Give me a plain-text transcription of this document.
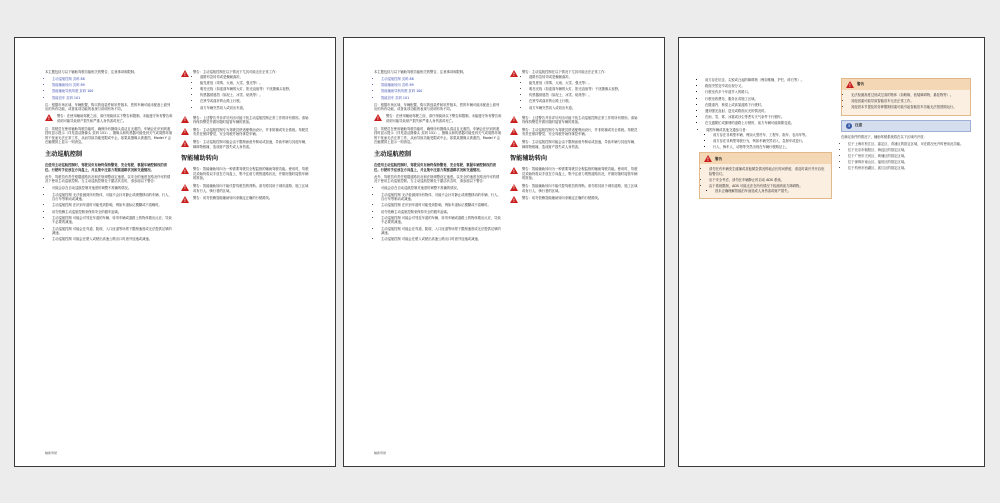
本主题包括与以下辅助驾驶功能相关的警告、注意事项和限制。

• 主动巡航控制 页码 88
• 智能辅助转向 页码 89
• 智能辅助导航驾驶 页码 100
• 智能泊车 页码 101

注：根据市场区域、车辆配置、购买的选装件和软件版本，您的车辆可能未配备上面列出的所有功能，或者某项功能的表现与说明有所不同。

!
警告：在使用辅助驾驶之前，请仔细阅读以下警告和限制。未能遵守所有警告和说明可能导致财产损失和严重人身伤害或死亡。

注：驾驶员在使用辅助驾驶功能时，确保所有摄像头清洁且无遮挡，车辆会在识别到遮挡时显示提示（详见清洁摄像头 页码 151）。摄像头和传感器可能受到天气或周围环境的干扰而无法正常工作，从而导致功能受限或中止。如果某摄像头被遮挡，Model Y 会在触摸屏上显示一则消息。

主动巡航控制

在使用主动巡航控制时，驾驶员负有始终保持警觉、安全驾驶、掌握车辆控制权的责任。行驶时手应放在方向盘上，并且集中注意力观察道路状况和交通情况。

此外，驾驶员有责任根据道路状况和法规调整设定速度。以安全的速度在路况许可的情况下使用主动巡航控制。当主动巡航控制处于激活状态时，请参阅以下警告：

• 可能会存在自动巡航控制对速度的调整不准确的情况。
• 主动巡航控制 无法检测到所有物体，可能不会针对静止或缓慢移动的车辆、行人、自行车等制动或减速。
• 主动巡航控制 在识别车道时可能受到影响，例如车道标记模糊或不清晰时。
• 切勿依赖主动巡航控制来保持安全的跟车距离。
• 主动巡航控制 可能会对邻近车道的车辆、转弯车辆或道路上的物体做出反应，导致不必要的减速。
• 主动巡航控制 可能会在弯道、陡坡、入口匝道等场景下限制速度或无法提供足够的减速。
• 主动巡航控制 可能会在驶入或驶出高速公路出口时意外加速或减速。
!
警告：主动巡航控制在以下情况下尤其可能无法正常工作：
• 道路有急转弯或是蜿蜒曲折。
• 能见度低（浓雾、大雨、大雪、强光等）。
• 明亮光线（如迎面车辆的大灯、阳光直射等）干扰摄像头视野。
• 传感器被遮挡（如泥土、冰雪、贴纸等）。
• 在狭窄或曲折的山路上行驶。
• 前方车辆突然切入或切出车道。
!
警告：上述警告并非详尽列出可能干扰主动巡航控制正常工作的所有情形。请始终保持警觉并做好随时接管车辆的准备。
!
警告：主动巡航控制专为驾驶员舒适便利而设计，并非防撞或安全系统。驾驶员有责任保持警觉、安全驾驶并始终掌控车辆。
!
警告：主动巡航控制可能会由于限制而意外制动或加速，导致车辆与其他车辆、障碍物相撞，造成财产损失或人身伤害。
智能辅助转向
!
警告：智能辅助转向为一种需要驾驶员全程监督的辅助驾驶功能。使用时，驾驶员须始终将双手放在方向盘上，集中注意力观察道路状况，并做好随时接管车辆的准备。
!
警告：智能辅助转向不能代替驾驶员的判断。请勿将其用于城市道路、施工区域或有行人、骑行者的区域。
!
警告：切勿依赖智能辅助转向来确定正确的行驶路线。
辅助驾驶

本主题包括与以下辅助驾驶功能相关的警告、注意事项和限制。

• 主动巡航控制 页码 88
• 智能辅助转向 页码 89
• 智能辅助导航驾驶 页码 100
• 智能泊车 页码 101

注：根据市场区域、车辆配置、购买的选装件和软件版本，您的车辆可能未配备上面列出的所有功能，或者某项功能的表现与说明有所不同。

!
警告：在使用辅助驾驶之前，请仔细阅读以下警告和限制。未能遵守所有警告和说明可能导致财产损失和严重人身伤害或死亡。

注：驾驶员在使用辅助驾驶功能时，确保所有摄像头清洁且无遮挡，车辆会在识别到遮挡时显示提示（详见清洁摄像头 页码 151）。摄像头和传感器可能受到天气或周围环境的干扰而无法正常工作，从而导致功能受限或中止。如果某摄像头被遮挡，Model Y 会在触摸屏上显示一则消息。

主动巡航控制

在使用主动巡航控制时，驾驶员负有始终保持警觉、安全驾驶、掌握车辆控制权的责任。行驶时手应放在方向盘上，并且集中注意力观察道路状况和交通情况。

此外，驾驶员有责任根据道路状况和法规调整设定速度。以安全的速度在路况许可的情况下使用主动巡航控制。当主动巡航控制处于激活状态时，请参阅以下警告：

• 可能会存在自动巡航控制对速度的调整不准确的情况。
• 主动巡航控制 无法检测到所有物体，可能不会针对静止或缓慢移动的车辆、行人、自行车等制动或减速。
• 主动巡航控制 在识别车道时可能受到影响，例如车道标记模糊或不清晰时。
• 切勿依赖主动巡航控制来保持安全的跟车距离。
• 主动巡航控制 可能会对邻近车道的车辆、转弯车辆或道路上的物体做出反应，导致不必要的减速。
• 主动巡航控制 可能会在弯道、陡坡、入口匝道等场景下限制速度或无法提供足够的减速。
• 主动巡航控制 可能会在驶入或驶出高速公路出口时意外加速或减速。
!
警告：主动巡航控制在以下情况下尤其可能无法正常工作：
• 道路有急转弯或是蜿蜒曲折。
• 能见度低（浓雾、大雨、大雪、强光等）。
• 明亮光线（如迎面车辆的大灯、阳光直射等）干扰摄像头视野。
• 传感器被遮挡（如泥土、冰雪、贴纸等）。
• 在狭窄或曲折的山路上行驶。
• 前方车辆突然切入或切出车道。
!
警告：上述警告并非详尽列出可能干扰主动巡航控制正常工作的所有情形。请始终保持警觉并做好随时接管车辆的准备。
!
警告：主动巡航控制专为驾驶员舒适便利而设计，并非防撞或安全系统。驾驶员有责任保持警觉、安全驾驶并始终掌控车辆。
!
警告：主动巡航控制可能会由于限制而意外制动或加速，导致车辆与其他车辆、障碍物相撞，造成财产损失或人身伤害。
智能辅助转向
!
警告：智能辅助转向为一种需要驾驶员全程监督的辅助驾驶功能。使用时，驾驶员须始终将双手放在方向盘上，集中注意力观察道路状况，并做好随时接管车辆的准备。
!
警告：智能辅助转向不能代替驾驶员的判断。请勿将其用于城市道路、施工区域或有行人、骑行者的区域。
!
警告：切勿依赖智能辅助转向来确定正确的行驶路线。
辅助驾驶
▪ 前方存在坑洼、尖锐或凸起的障碍物（例如锥桶、护栏、碎石等）。
▪ 路面突然变窄或出现分叉。
▪ 行驶至有多个车道并入的路口。
▪ 行驶至收费站、服务区或施工区域。
▪ 在隧道内、桥梁上或高架道路下行驶时。
▪ 遇到强光直射、逆光或路面反光的情况时。
▪ 在雨、雪、雾、冰雹或沙尘等恶劣天气条件下行驶时。
▪ 在交通繁忙或拥堵的道路上行驶时，前方车辆可能频繁变道。
• 周围车辆或其他交通参与者：
▪ 前方存在非典型车辆，例如大型货车、工程车、拖车、农用车等。
▪ 前方存在非典型驾驶行为，例如车辆突然切入、急刹车或逆行。
▪ 行人、骑车人、动物等突然出现在车辆行驶路径上。
!
警告
• 请勿在有车辆发生碰撞或其他紧急情况的地点长时间停留，请及时离开并开启危险警告灯。
• 出于安全考虑，请勿在车辆静止时启动 ADS 系统。
• 由于系统限制，ADS 可能无法在所有情况下检测到前方障碍物。
▪ 因未正确理解智能泊车而造成人身伤害或财产损失。
!
警告
• 无法检测高度过低或过高的物体（如路缘、低矮障碍物、悬挂物等）。
• 其他因素可能导致智能泊车无法正常工作。
• 其他因本节提及的各种限制因素可能引起智能泊车功能无法按预期运行。
i	注意

在满足条件的情况下，辅助驾驶系统将在以下区域内开放：

• 位于上海市松江区、嘉定区、青浦区的指定区域，可在路况允许时使用此功能。
• 位于北京市朝阳区、海淀区的指定区域。
• 位于广州市天河区、黄埔区的指定区域。
• 位于深圳市南山区、福田区的指定区域。
• 位于杭州市西湖区、滨江区的指定区域。
